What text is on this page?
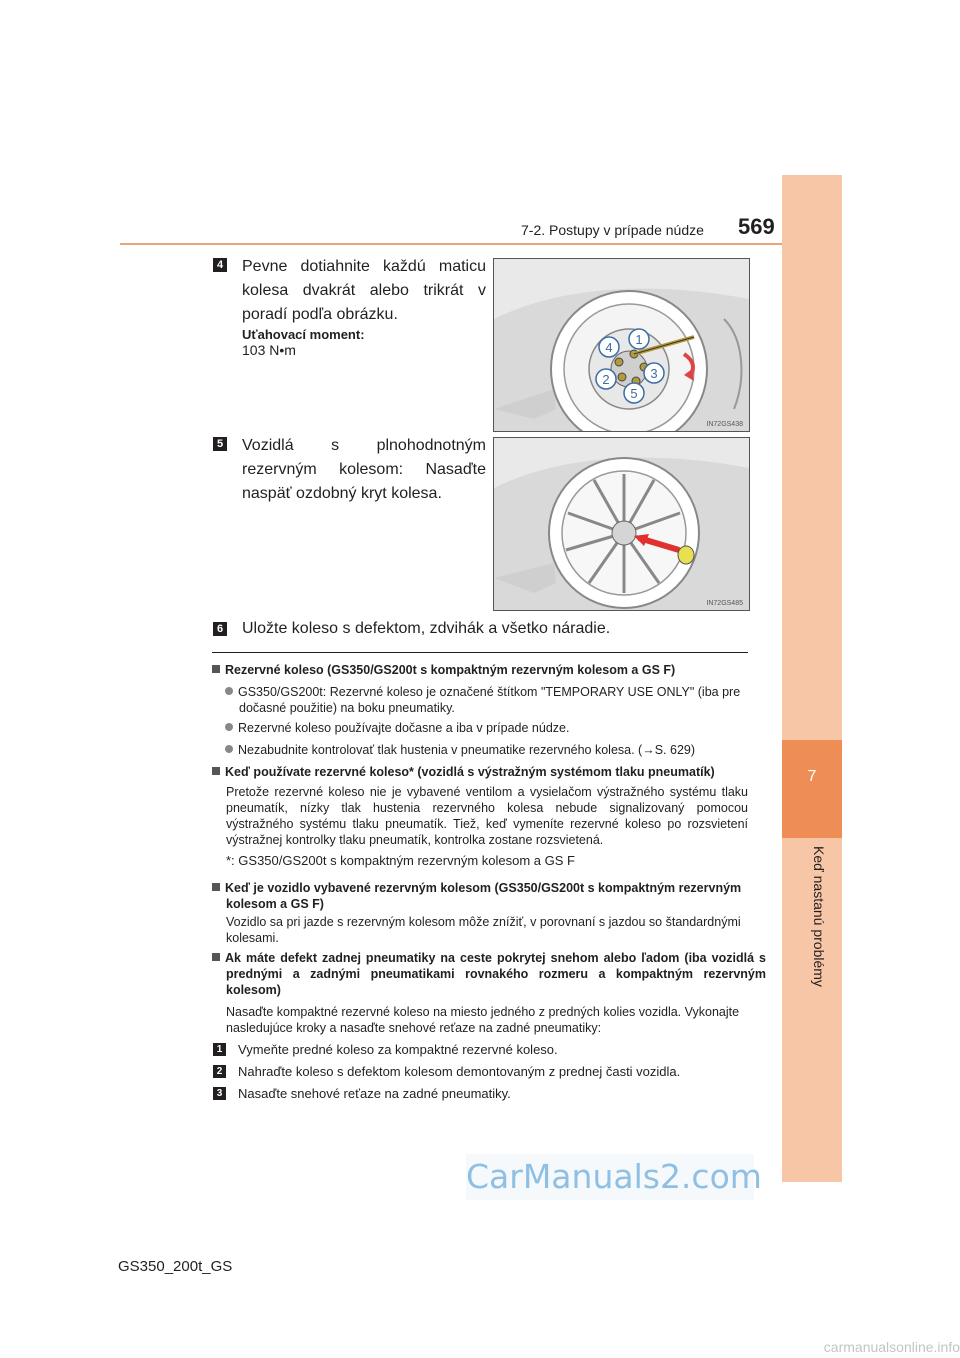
7-2. Postupy v prípade núdze 569
7
Keď nastanú problémy
4 Pevne dotiahnite každú maticu kolesa dvakrát alebo trikrát v poradí podľa obrázku.
Uťahovací moment:
103 N•m
1
4
3
2
5
IN72GS438
5 Vozidlá s plnohodnotným rezervným kolesom: Nasaďte naspäť ozdobný kryt kolesa.
IN72GS485
6 Uložte koleso s defektom, zdvihák a všetko náradie.
Rezervné koleso (GS350/GS200t s kompaktným rezervným kolesom a GS F)
GS350/GS200t: Rezervné koleso je označené štítkom "TEMPORARY USE ONLY" (iba pre dočasné použitie) na boku pneumatiky.
Rezervné koleso používajte dočasne a iba v prípade núdze.
Nezabudnite kontrolovať tlak hustenia v pneumatike rezervného kolesa. (→S. 629)
Keď používate rezervné koleso* (vozidlá s výstražným systémom tlaku pneumatík)
Pretože rezervné koleso nie je vybavené ventilom a vysielačom výstražného systému tlaku pneumatík, nízky tlak hustenia rezervného kolesa nebude signalizovaný pomocou výstražného systému tlaku pneumatík. Tiež, keď vymeníte rezervné koleso po rozsvietení výstražnej kontrolky tlaku pneumatík, kontrolka zostane rozsvietená.
*: GS350/GS200t s kompaktným rezervným kolesom a GS F
Keď je vozidlo vybavené rezervným kolesom (GS350/GS200t s kompaktným rezervným kolesom a GS F)
Vozidlo sa pri jazde s rezervným kolesom môže znížiť, v porovnaní s jazdou so štandardnými kolesami.
Ak máte defekt zadnej pneumatiky na ceste pokrytej snehom alebo ľadom (iba vozidlá s prednými a zadnými pneumatikami rovnakého rozmeru a kompaktným rezervným kolesom)
Nasaďte kompaktné rezervné koleso na miesto jedného z predných kolies vozidla. Vykonajte nasledujúce kroky a nasaďte snehové reťaze na zadné pneumatiky:
1 Vymeňte predné koleso za kompaktné rezervné koleso.
2 Nahraďte koleso s defektom kolesom demontovaným z prednej časti vozidla.
3 Nasaďte snehové reťaze na zadné pneumatiky.
CarManuals2.com
GS350_200t_GS
carmanualsonline.info
